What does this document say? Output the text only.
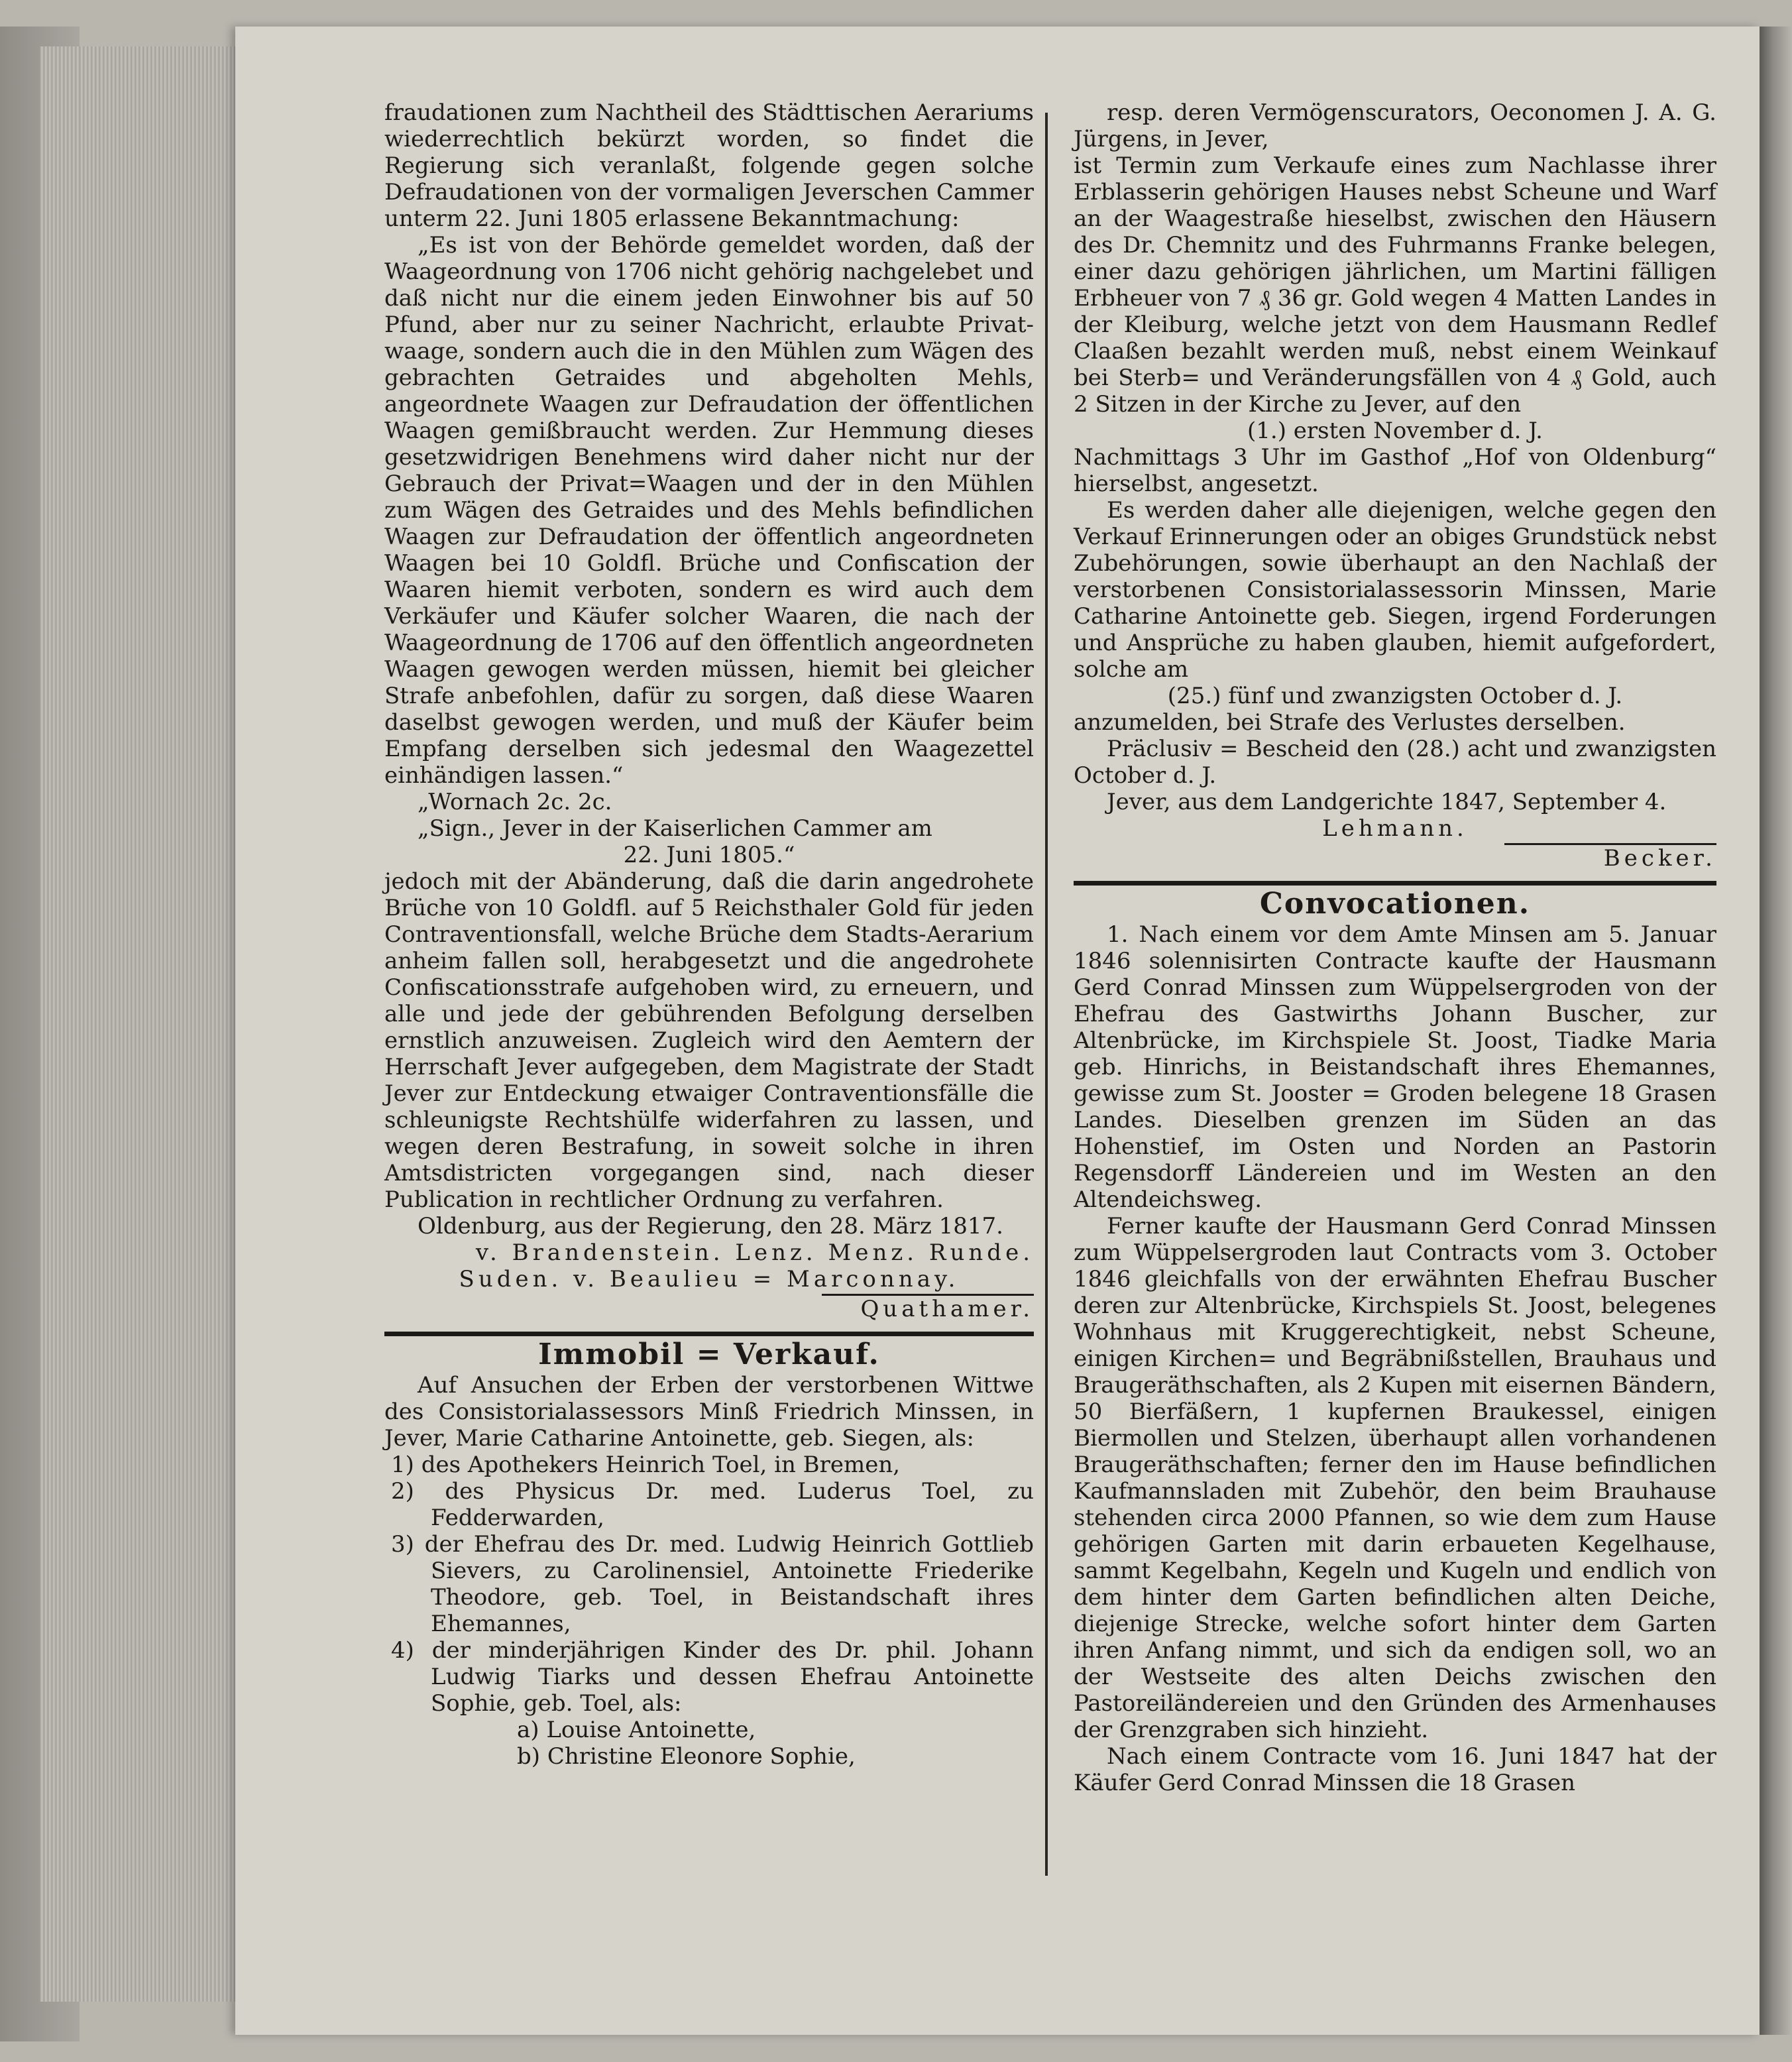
fraudationen zum Nachtheil des Städttischen Aerariums wiederrechtlich bekürzt worden, so findet die Regierung sich veranlaßt, folgende gegen solche Defraudationen von der vormaligen Jeverschen Cammer unterm 22. Juni 1805 erlassene Bekanntmachung:

„Es ist von der Behörde gemeldet worden, daß der Waageordnung von 1706 nicht gehörig nachgelebet und daß nicht nur die einem jeden Einwohner bis auf 50 Pfund, aber nur zu seiner Nachricht, erlaubte Privat-waage, sondern auch die in den Mühlen zum Wägen des gebrachten Getraides und abgeholten Mehls, angeordnete Waagen zur Defraudation der öffentlichen Waagen gemißbraucht werden. Zur Hemmung dieses gesetzwidrigen Benehmens wird daher nicht nur der Gebrauch der Privat=Waagen und der in den Mühlen zum Wägen des Getraides und des Mehls befindlichen Waagen zur Defraudation der öffentlich angeordneten Waagen bei 10 Goldfl. Brüche und Confiscation der Waaren hiemit verboten, sondern es wird auch dem Verkäufer und Käufer solcher Waaren, die nach der Waageordnung de 1706 auf den öffentlich angeordneten Waagen gewogen werden müssen, hiemit bei gleicher Strafe anbefohlen, dafür zu sorgen, daß diese Waaren daselbst gewogen werden, und muß der Käufer beim Empfang derselben sich jedesmal den Waagezettel einhändigen lassen.“

„Wornach 2c. 2c.

„Sign., Jever in der Kaiserlichen Cammer am

22. Juni 1805.“

jedoch mit der Abänderung, daß die darin angedrohete Brüche von 10 Goldfl. auf 5 Reichsthaler Gold für jeden Contraventionsfall, welche Brüche dem Stadts-Aerarium anheim fallen soll, herabgesetzt und die angedrohete Confiscationsstrafe aufgehoben wird, zu erneuern, und alle und jede der gebührenden Befolgung derselben ernstlich anzuweisen. Zugleich wird den Aemtern der Herrschaft Jever aufgegeben, dem Magistrate der Stadt Jever zur Entdeckung etwaiger Contraventionsfälle die schleunigste Rechtshülfe widerfahren zu lassen, und wegen deren Bestrafung, in soweit solche in ihren Amtsdistricten vorgegangen sind, nach dieser Publication in rechtlicher Ordnung zu verfahren.

Oldenburg, aus der Regierung, den 28. März 1817.

v. Brandenstein. Lenz. Menz. Runde.

Suden. v. Beaulieu = Marconnay.

Quathamer.

Immobil = Verkauf.

Auf Ansuchen der Erben der verstorbenen Wittwe des Consistorialassessors Minß Friedrich Minssen, in Jever, Marie Catharine Antoinette, geb. Siegen, als:

1) des Apothekers Heinrich Toel, in Bremen,

2) des Physicus Dr. med. Luderus Toel, zu Fedderwarden,

3) der Ehefrau des Dr. med. Ludwig Heinrich Gottlieb Sievers, zu Carolinensiel, Antoinette Friederike Theodore, geb. Toel, in Beistandschaft ihres Ehemannes,

4) der minderjährigen Kinder des Dr. phil. Johann Ludwig Tiarks und dessen Ehefrau Antoinette Sophie, geb. Toel, als:

a) Louise Antoinette,

b) Christine Eleonore Sophie,

resp. deren Vermögenscurators, Oeconomen J. A. G. Jürgens, in Jever,

ist Termin zum Verkaufe eines zum Nachlasse ihrer Erblasserin gehörigen Hauses nebst Scheune und Warf an der Waagestraße hieselbst, zwischen den Häusern des Dr. Chemnitz und des Fuhrmanns Franke belegen, einer dazu gehörigen jährlichen, um Martini fälligen Erbheuer von 7 ₰ 36 gr. Gold wegen 4 Matten Landes in der Kleiburg, welche jetzt von dem Hausmann Redlef Claaßen bezahlt werden muß, nebst einem Weinkauf bei Sterb= und Veränderungsfällen von 4 ₰ Gold, auch 2 Sitzen in der Kirche zu Jever, auf den

(1.) ersten November d. J.

Nachmittags 3 Uhr im Gasthof „Hof von Oldenburg“ hierselbst, angesetzt.

Es werden daher alle diejenigen, welche gegen den Verkauf Erinnerungen oder an obiges Grundstück nebst Zubehörungen, sowie überhaupt an den Nachlaß der verstorbenen Consistorialassessorin Minssen, Marie Catharine Antoinette geb. Siegen, irgend Forderungen und Ansprüche zu haben glauben, hiemit aufgefordert, solche am

(25.) fünf und zwanzigsten October d. J.

anzumelden, bei Strafe des Verlustes derselben.

Präclusiv = Bescheid den (28.) acht und zwanzigsten October d. J.

Jever, aus dem Landgerichte 1847, September 4.

Lehmann.

Becker.

Convocationen.

1. Nach einem vor dem Amte Minsen am 5. Januar 1846 solennisirten Contracte kaufte der Hausmann Gerd Conrad Minssen zum Wüppelsergroden von der Ehefrau des Gastwirths Johann Buscher, zur Altenbrücke, im Kirchspiele St. Joost, Tiadke Maria geb. Hinrichs, in Beistandschaft ihres Ehemannes, gewisse zum St. Jooster = Groden belegene 18 Grasen Landes. Dieselben grenzen im Süden an das Hohenstief, im Osten und Norden an Pastorin Regensdorff Ländereien und im Westen an den Altendeichsweg.

Ferner kaufte der Hausmann Gerd Conrad Minssen zum Wüppelsergroden laut Contracts vom 3. October 1846 gleichfalls von der erwähnten Ehefrau Buscher deren zur Altenbrücke, Kirchspiels St. Joost, belegenes Wohnhaus mit Kruggerechtigkeit, nebst Scheune, einigen Kirchen= und Begräbnißstellen, Brauhaus und Braugeräthschaften, als 2 Kupen mit eisernen Bändern, 50 Bierfäßern, 1 kupfernen Braukessel, einigen Biermollen und Stelzen, überhaupt allen vorhandenen Braugeräthschaften; ferner den im Hause befindlichen Kaufmannsladen mit Zubehör, den beim Brauhause stehenden circa 2000 Pfannen, so wie dem zum Hause gehörigen Garten mit darin erbaueten Kegelhause, sammt Kegelbahn, Kegeln und Kugeln und endlich von dem hinter dem Garten befindlichen alten Deiche, diejenige Strecke, welche sofort hinter dem Garten ihren Anfang nimmt, und sich da endigen soll, wo an der Westseite des alten Deichs zwischen den Pastoreiländereien und den Gründen des Armenhauses der Grenzgraben sich hinzieht.

Nach einem Contracte vom 16. Juni 1847 hat der Käufer Gerd Conrad Minssen die 18 Grasen
